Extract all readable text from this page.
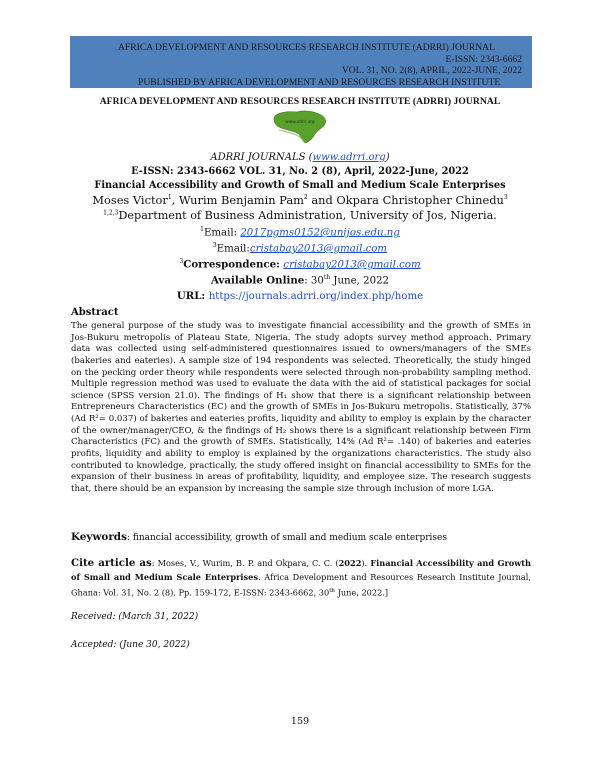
AFRICA DEVELOPMENT AND RESOURCES RESEARCH INSTITUTE (ADRRI) JOURNAL
E-ISSN: 2343-6662
VOL. 31, NO. 2(8), APRIL, 2022-JUNE, 2022
PUBLISHED BY AFRICA DEVELOPMENT AND RESOURCES RESEARCH INSTITUTE
AFRICA DEVELOPMENT AND RESOURCES RESEARCH INSTITUTE (ADRRI) JOURNAL
www.adrri.org
ADRRI JOURNALS (www.adrri.org)
E-ISSN: 2343-6662 VOL. 31, No. 2 (8), April, 2022-June, 2022
Financial Accessibility and Growth of Small and Medium Scale Enterprises
Moses Victor$^1$, Wurim Benjamin Pam$^2$ and Okpara Christopher Chinedu$^3$
$^{1,2,3}$Department of Business Administration, University of Jos, Nigeria.
$^1$Email: 2017pgms0152@unijos.edu.ng
$^3$Email:cristabay2013@gmail.com
$^3$Correspondence: cristabay2013@gmail.com
Available Online: 30th June, 2022
URL: https://journals.adrri.org/index.php/home
Abstract

The general purpose of the study was to investigate financial accessibility and the growth of SMEs in Jos-Bukuru metropolis of Plateau State, Nigeria. The study adopts survey method approach. Primary data was collected using self-administered questionnaires issued to owners/managers of the SMEs (bakeries and eateries). A sample size of 194 respondents was selected. Theoretically, the study hinged on the pecking order theory while respondents were selected through non-probability sampling method. Multiple regression method was used to evaluate the data with the aid of statistical packages for social science (SPSS version 21.0). The findings of H₁ show that there is a significant relationship between Entrepreneurs Characteristics (EC) and the growth of SMEs in Jos-Bukuru metropolis. Statistically, 37% (Ad R²= 0.037) of bakeries and eateries profits, liquidity and ability to employ is explain by the character of the owner/manager/CEO, & the findings of H₂ shows there is a significant relationship between Firm Characteristics (FC) and the growth of SMEs. Statistically, 14% (Ad R²= .140) of bakeries and eateries profits, liquidity and ability to employ is explained by the organizations characteristics. The study also contributed to knowledge, practically, the study offered insight on financial accessibility to SMEs for the expansion of their business in areas of profitability, liquidity, and employee size. The research suggests that, there should be an expansion by increasing the sample size through inclusion of more LGA.

Keywords: financial accessibility, growth of small and medium scale enterprises
Cite article as: Moses, V., Wurim, B. P. and Okpara, C. C. (2022). Financial Accessibility and Growth of Small and Medium Scale Enterprises. Africa Development and Resources Research Institute Journal, Ghana: Vol. 31, No. 2 (8), Pp. 159-172, E-ISSN: 2343-6662, 30th June, 2022.]
Received: (March 31, 2022)
Accepted: (June 30, 2022)
159
